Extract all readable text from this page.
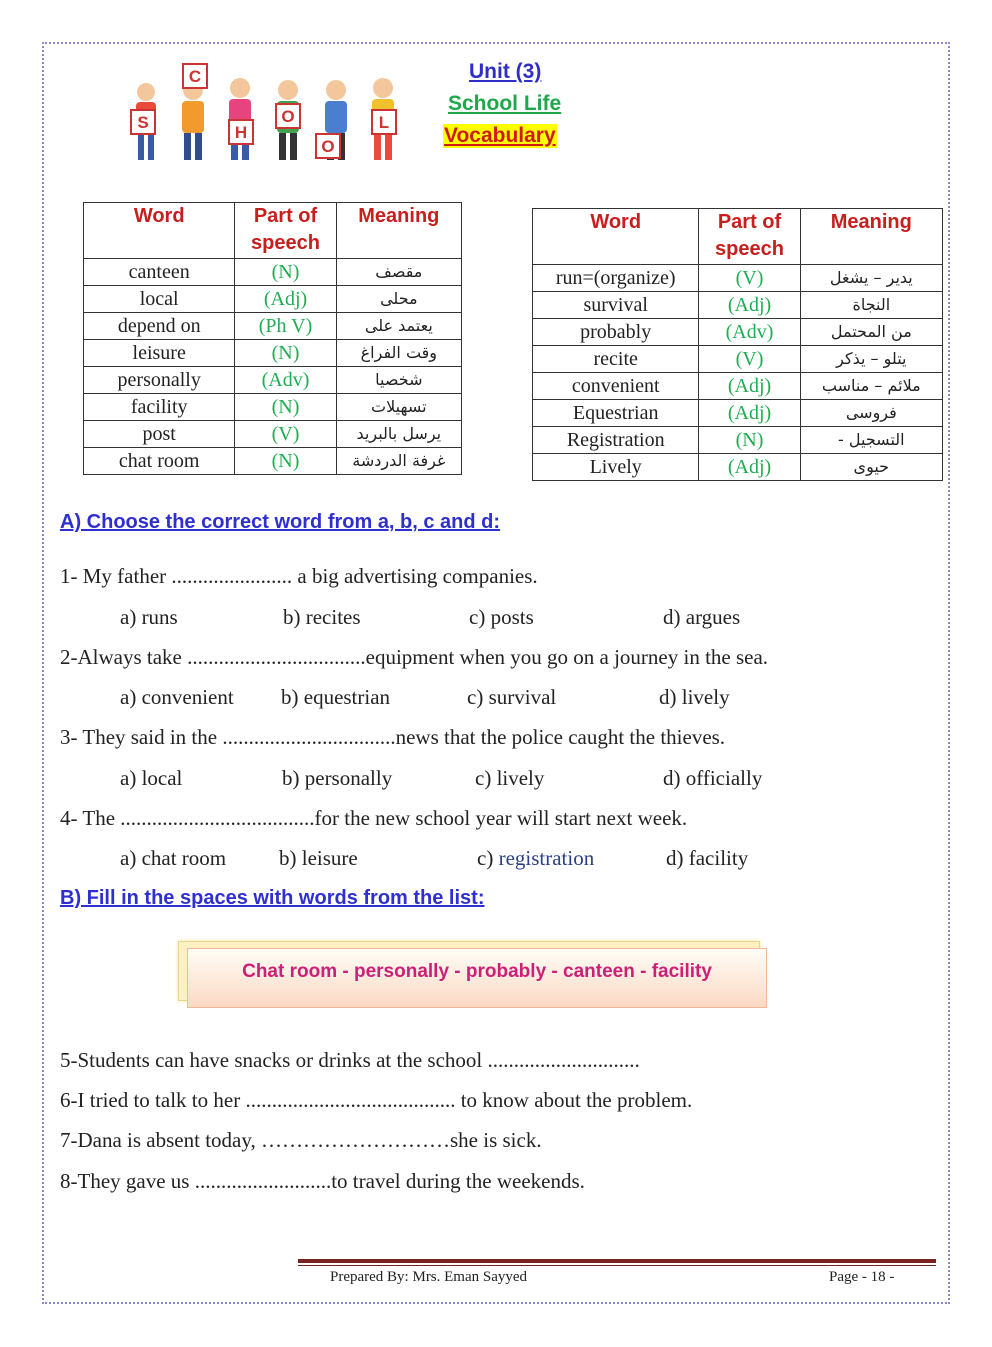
C
S
H
O
O
L
Unit (3)
School Life
Vocabulary
Word	Part of speech	Meaning
canteen	(N)	مقصف
local	(Adj)	محلى
depend on	(Ph V)	يعتمد على
leisure	(N)	وقت الفراغ
personally	(Adv)	شخصيا
facility	(N)	تسهيلات
post	(V)	يرسل بالبريد
chat room	(N)	غرفة الدردشة
Word	Part of speech	Meaning
run=(organize)	(V)	يدير – يشغل
survival	(Adj)	النجاة
probably	(Adv)	من المحتمل
recite	(V)	يتلو – يذكر
convenient	(Adj)	ملائم – مناسب
Equestrian	(Adj)	فروسى
Registration	(N)	التسجيل -
Lively	(Adj)	حيوى
A) Choose the correct word from a, b, c and d:
1- My father ....................... a big advertising companies.
a) runs	b) recites	c) posts	d) argues
2-Always take ..................................equipment when you go on a journey in the sea.
a) convenient b) equestrian	c) survival	d) lively
3- They said in the .................................news that the police caught the thieves.
a) local	b) personally	c) lively	d) officially
4- The .....................................for the new school year will start next week.
a) chat room	b) leisure	c) registration	d) facility
B) Fill in the spaces with words from the list:
Chat room - personally - probably - canteen - facility
5-Students can have snacks or drinks at the school .............................
6-I tried to talk to her ........................................ to know about the problem.
7-Dana is absent today, ………………………she is sick.
8-They gave us ..........................to travel during the weekends.
Prepared By: Mrs. Eman Sayyed	Page - 18 -
